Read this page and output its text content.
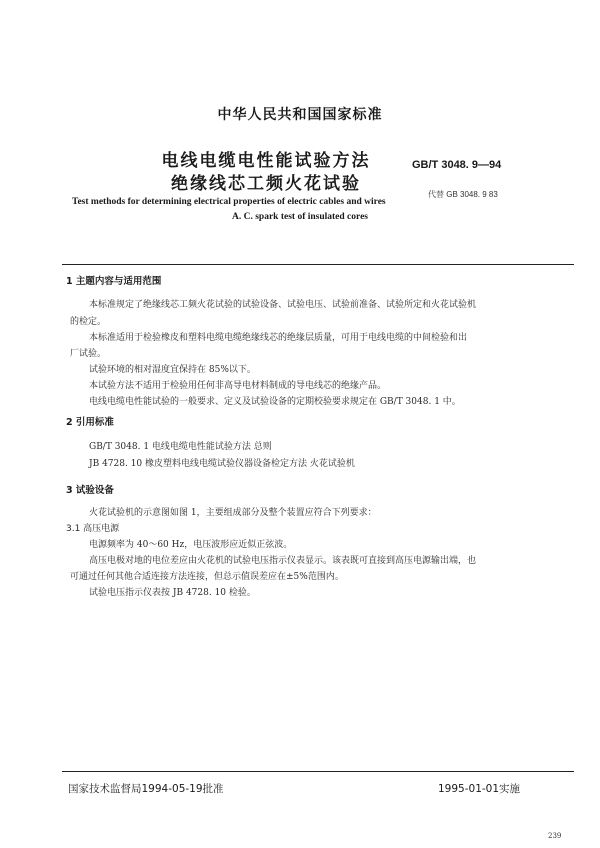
中华人民共和国国家标准
电线电缆电性能试验方法
绝缘线芯工频火花试验
GB/T 3048. 9—94
代替 GB 3048. 9 83
Test methods for determining electrical properties of electric cables and wires
A. C. spark test of insulated cores
1 主题内容与适用范围
本标准规定了绝缘线芯工频火花试验的试验设备、试验电压、试验前准备、试验所定和火花试验机
的检定。
本标准适用于检验橡皮和塑料电缆电缆绝缘线芯的绝缘层质量，可用于电线电缆的中间检验和出
厂试验。
试验环境的相对湿度宜保持在 85%以下。
本试验方法不适用于检验用任何非高导电材料制成的导电线芯的绝缘产品。
电线电缆电性能试验的一般要求、定义及试验设备的定期校验要求规定在 GB/T 3048. 1 中。
2 引用标准
GB/T 3048. 1 电线电缆电性能试验方法 总则
JB 4728. 10 橡皮塑料电线电缆试验仪器设备检定方法 火花试验机
3 试验设备
火花试验机的示意图如图 1，主要组成部分及整个装置应符合下列要求：
3.1 高压电源
电源频率为 40～60 Hz，电压波形应近似正弦波。
高压电极对地的电位差应由火花机的试验电压指示仪表显示。该表既可直接到高压电源输出端，也
可通过任何其他合适连接方法连接，但总示值误差应在±5%范围内。
试验电压指示仪表按 JB 4728. 10 检验。
国家技术监督局1994-05-19批准	1995-01-01实施
239
